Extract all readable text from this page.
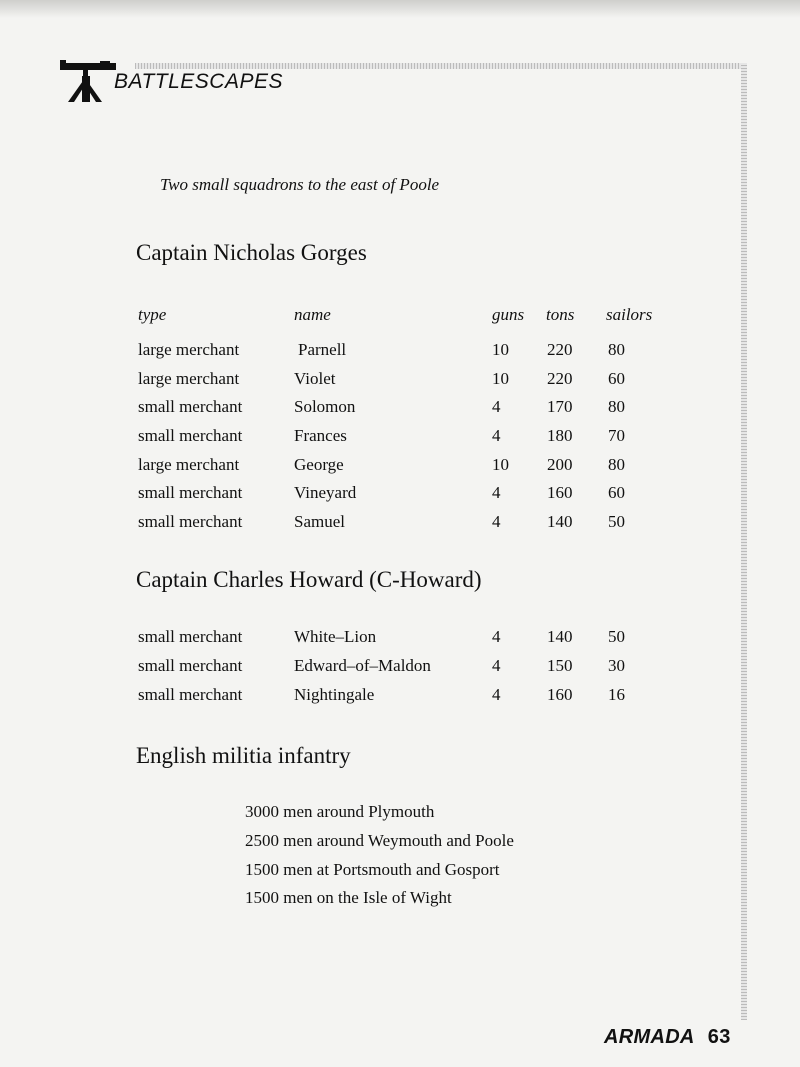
BATTLESCAPES
Two small squadrons to the east of Poole
Captain Nicholas Gorges
type	name	guns tons sailors
large merchant	Parnell	10 220 80
large merchant	Violet	10 220 60
small merchant	Solomon	4	170 80
small merchant	Frances	4	180 70
large merchant	George	10 200 80
small merchant	Vineyard	4	160 60
small merchant	Samuel	4	140 50
Captain Charles Howard (C-Howard)
small merchant	White–Lion	4	140 50
small merchant	Edward–of–Maldon	4	150 30
small merchant	Nightingale	4	160 16
English militia infantry
3000 men around Plymouth
2500 men around Weymouth and Poole
1500 men at Portsmouth and Gosport
1500 men on the Isle of Wight
ARMADA 63
